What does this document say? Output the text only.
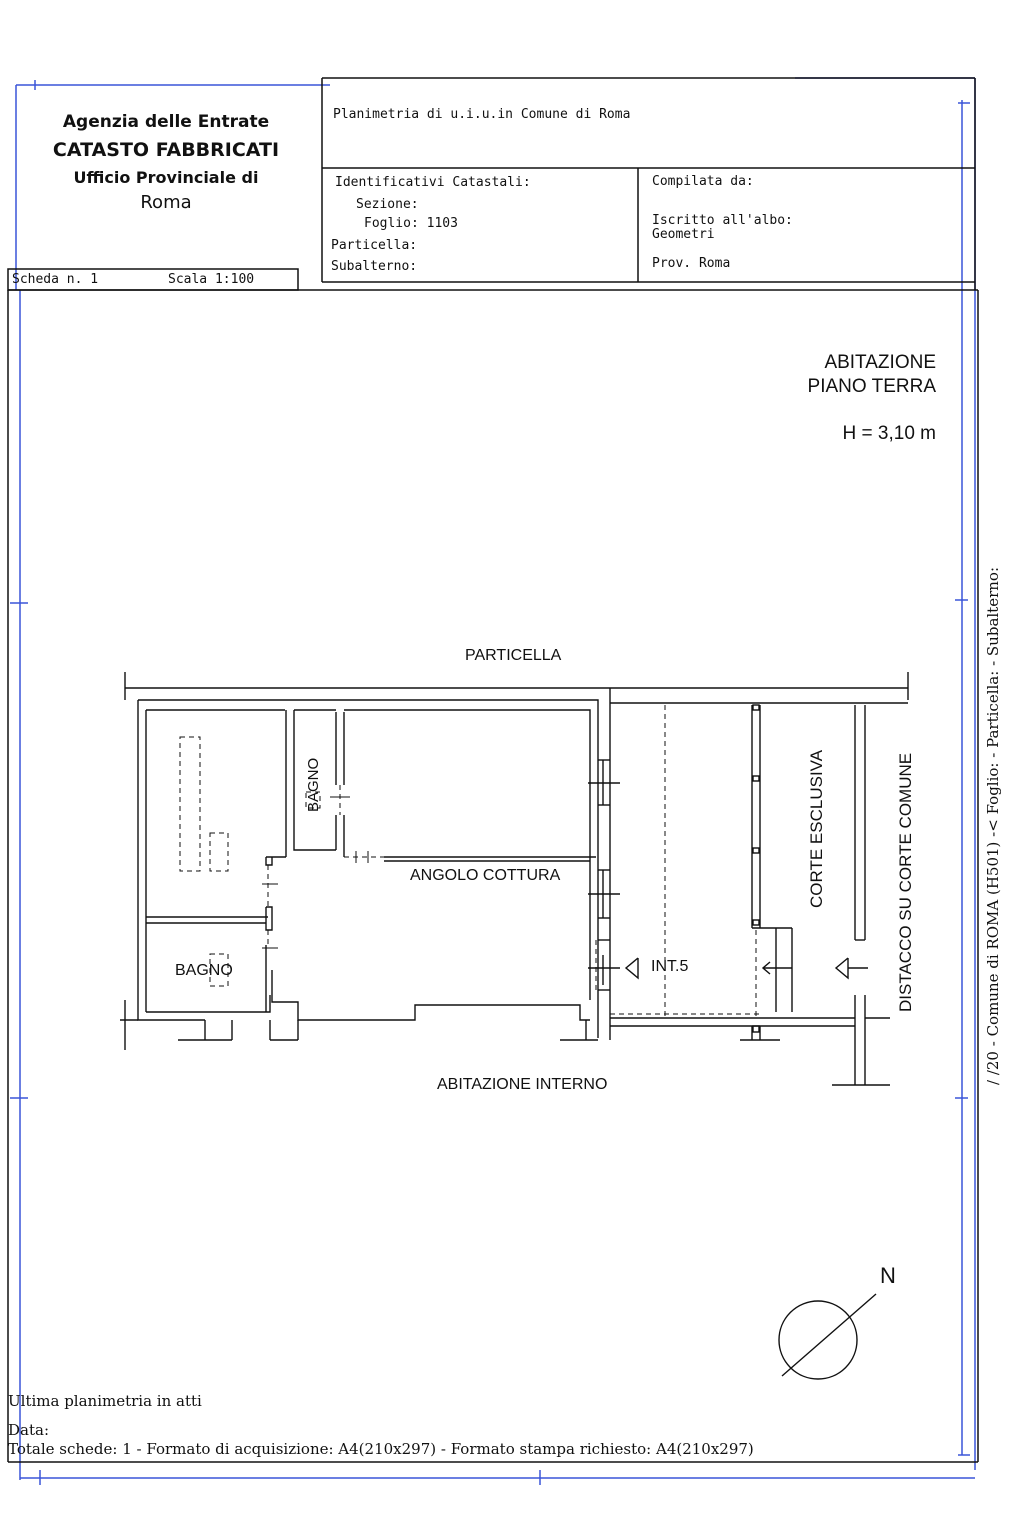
BAGNO	CORTE ESCLUSIVA	DISTACCO SU CORTE COMUNE	/ /20 - Comune di ROMA (H501) -< Foglio: - Particella: - Subalterno:
Agenzia delle Entrate
CATASTO FABBRICATI
Ufficio Provinciale di
Roma
Planimetria di u.i.u.in Comune di Roma
Identificativi Catastali:
Sezione:
Foglio: 1103
Particella:
Subalterno:
Compilata da:
Iscritto all'albo:
Geometri
Prov. Roma
Scheda n. 1	Scala 1:100
ABITAZIONE
PIANO TERRA
H = 3,10 m
PARTICELLA
ANGOLO COTTURA
BAGNO	INT.5
ABITAZIONE INTERNO
N
Ultima planimetria in atti
Data:
Totale schede: 1 - Formato di acquisizione: A4(210x297) - Formato stampa richiesto: A4(210x297)
